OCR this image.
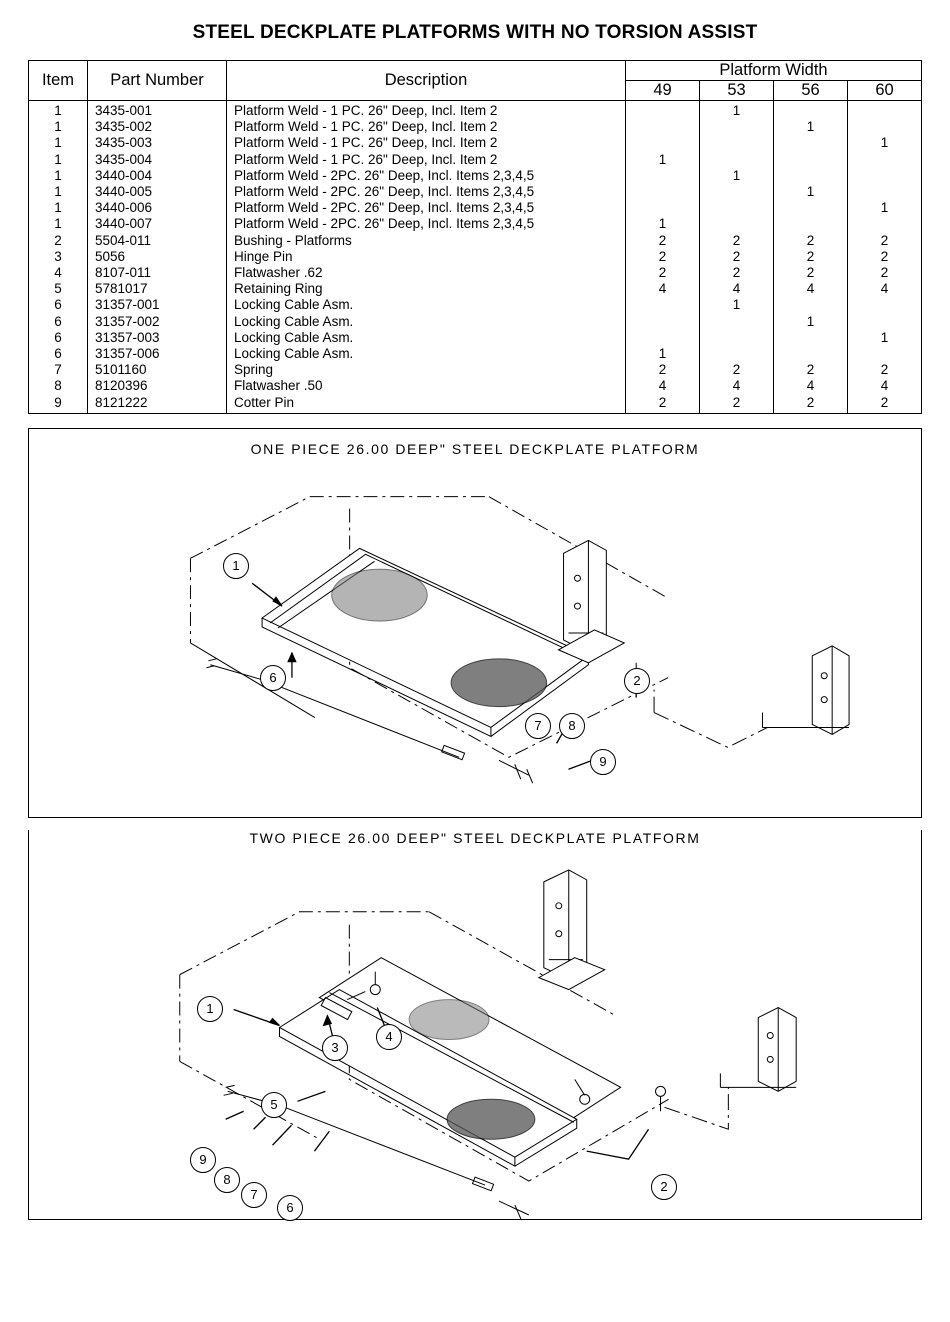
STEEL DECKPLATE PLATFORMS WITH NO TORSION ASSIST
Item	Part Number	Description	Platform Width			
			49	53	56	60
1	3435-001	Platform Weld - 1 PC. 26" Deep, Incl. Item 2		1		
1	3435-002	Platform Weld - 1 PC. 26" Deep, Incl. Item 2			1	
1	3435-003	Platform Weld - 1 PC. 26" Deep, Incl. Item 2				1
1	3435-004	Platform Weld - 1 PC. 26" Deep, Incl. Item 2	1			
1	3440-004	Platform Weld - 2PC. 26" Deep, Incl. Items 2,3,4,5		1		
1	3440-005	Platform Weld - 2PC. 26" Deep, Incl. Items 2,3,4,5			1	
1	3440-006	Platform Weld - 2PC. 26" Deep, Incl. Items 2,3,4,5				1
1	3440-007	Platform Weld - 2PC. 26" Deep, Incl. Items 2,3,4,5	1			
2	5504-011	Bushing - Platforms	2	2	2	2
3	5056	Hinge Pin	2	2	2	2
4	8107-011	Flatwasher .62	2	2	2	2
5	5781017	Retaining Ring	4	4	4	4
6	31357-001	Locking Cable Asm.		1		
6	31357-002	Locking Cable Asm.			1	
6	31357-003	Locking Cable Asm.				1
6	31357-006	Locking Cable Asm.	1			
7	5101160	Spring	2	2	2	2
8	8120396	Flatwasher .50	4	4	4	4
9	8121222	Cotter Pin	2	2	2	2
ONE PIECE 26.00 DEEP" STEEL DECKPLATE PLATFORM
1
6	2
7	8
9
TWO PIECE 26.00 DEEP" STEEL DECKPLATE PLATFORM
1
3
4
5
9
8
7
6
2
